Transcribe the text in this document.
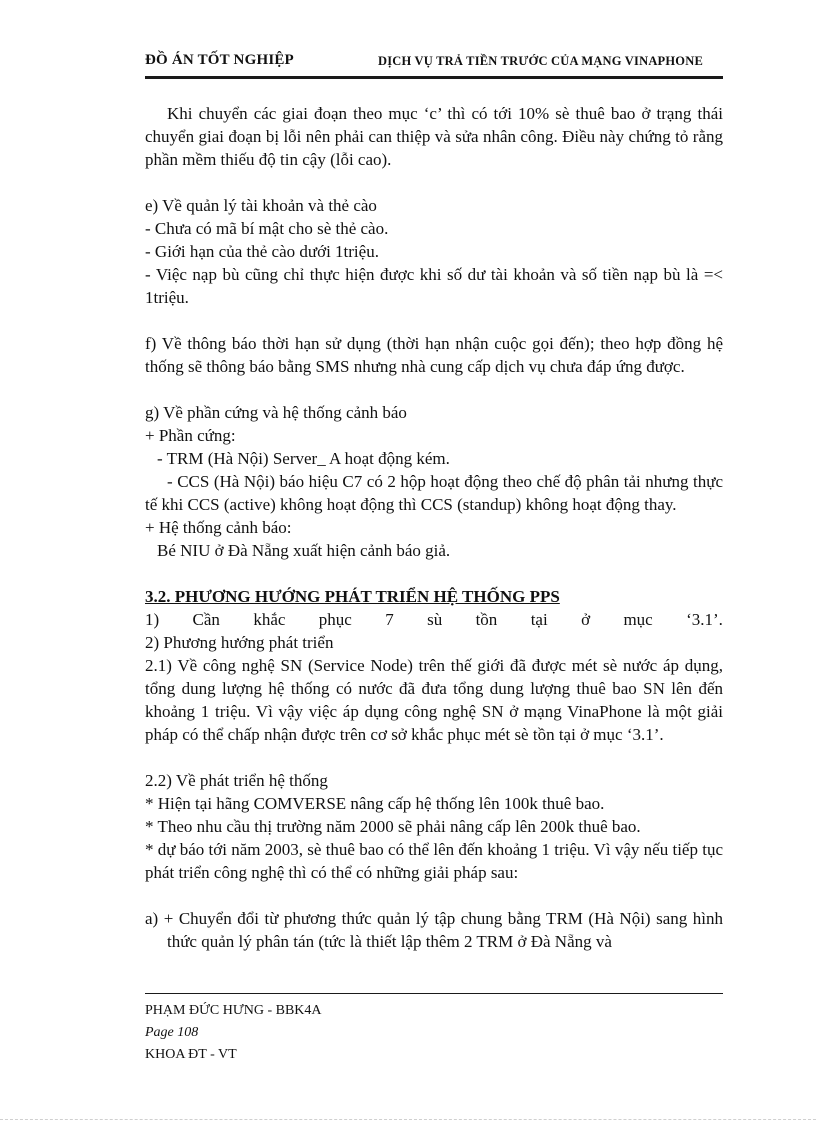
ĐỒ ÁN TỐT NGHIỆP	DỊCH VỤ TRẢ TIỀN TRƯỚC CỦA MẠNG VINAPHONE

Khi chuyển các giai đoạn theo mục ‘c’ thì có tới 10% sè thuê bao ở trạng thái chuyển giai đoạn bị lỗi nên phải can thiệp và sửa nhân công. Điều này chứng tỏ rằng phần mềm thiếu độ tin cậy (lỗi cao).

e) Về quản lý tài khoản và thẻ cào

- Chưa có mã bí mật cho sè thẻ cào.

- Giới hạn của thẻ cào dưới 1triệu.

- Việc nạp bù cũng chỉ thực hiện được khi số dư tài khoản và số tiền nạp bù là =< 1triệu.

f) Về thông báo thời hạn sử dụng (thời hạn nhận cuộc gọi đến); theo hợp đồng hệ thống sẽ thông báo bằng SMS nhưng nhà cung cấp dịch vụ chưa đáp ứng được.

g) Về phần cứng và hệ thống cảnh báo

+ Phần cứng:

- TRM (Hà Nội) Server_ A hoạt động kém.

- CCS (Hà Nội) báo hiệu C7 có 2 hộp hoạt động theo chế độ phân tải nhưng thực tế khi CCS (active) không hoạt động thì CCS (standup) không hoạt động thay.

+ Hệ thống cảnh báo:

Bé NIU ở Đà Nẵng xuất hiện cảnh báo giả.

3.2. PHƯƠNG HƯỚNG PHÁT TRIỂN HỆ THỐNG PPS

1) Cần khắc phục 7 sù tồn tại ở mục ‘3.1’.

2) Phương hướng phát triển

2.1) Về công nghệ SN (Service Node) trên thế giới đã được mét sè nước áp dụng, tổng dung lượng hệ thống có nước đã đưa tổng dung lượng thuê bao SN lên đến khoảng 1 triệu. Vì vậy việc áp dụng công nghệ SN ở mạng VinaPhone là một giải pháp có thể chấp nhận được trên cơ sở khắc phục mét sè tồn tại ở mục ‘3.1’.

2.2) Về phát triển hệ thống

* Hiện tại hãng COMVERSE nâng cấp hệ thống lên 100k thuê bao.

* Theo nhu cầu thị trường năm 2000 sẽ phải nâng cấp lên 200k thuê bao.

* dự báo tới năm 2003, sè thuê bao có thể lên đến khoảng 1 triệu. Vì vậy nếu tiếp tục phát triển công nghệ thì có thể có những giải pháp sau:

a) + Chuyển đổi từ phương thức quản lý tập chung bằng TRM (Hà Nội) sang hình thức quản lý phân tán (tức là thiết lập thêm 2 TRM ở Đà Nẵng và

PHẠM ĐỨC HƯNG - BBK4A
Page 108
KHOA ĐT - VT
